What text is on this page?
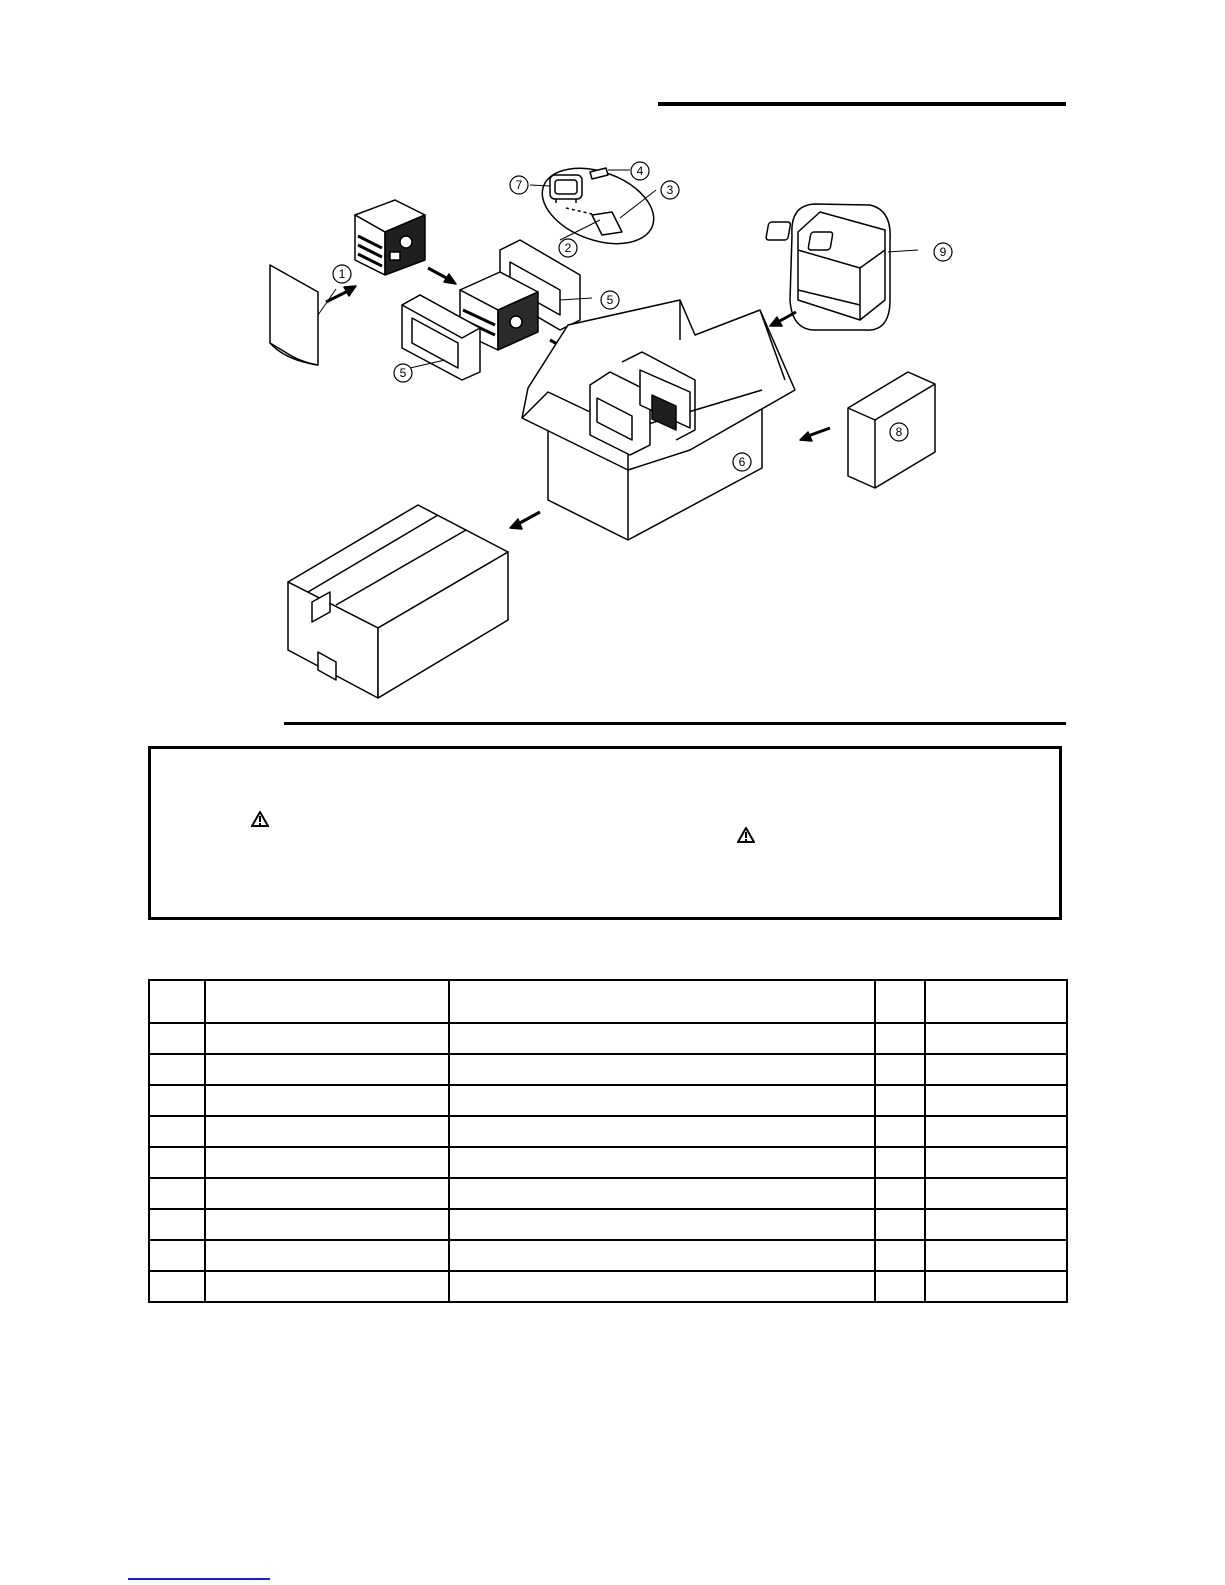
1
2
3
4
5
5
6
7
8
9
